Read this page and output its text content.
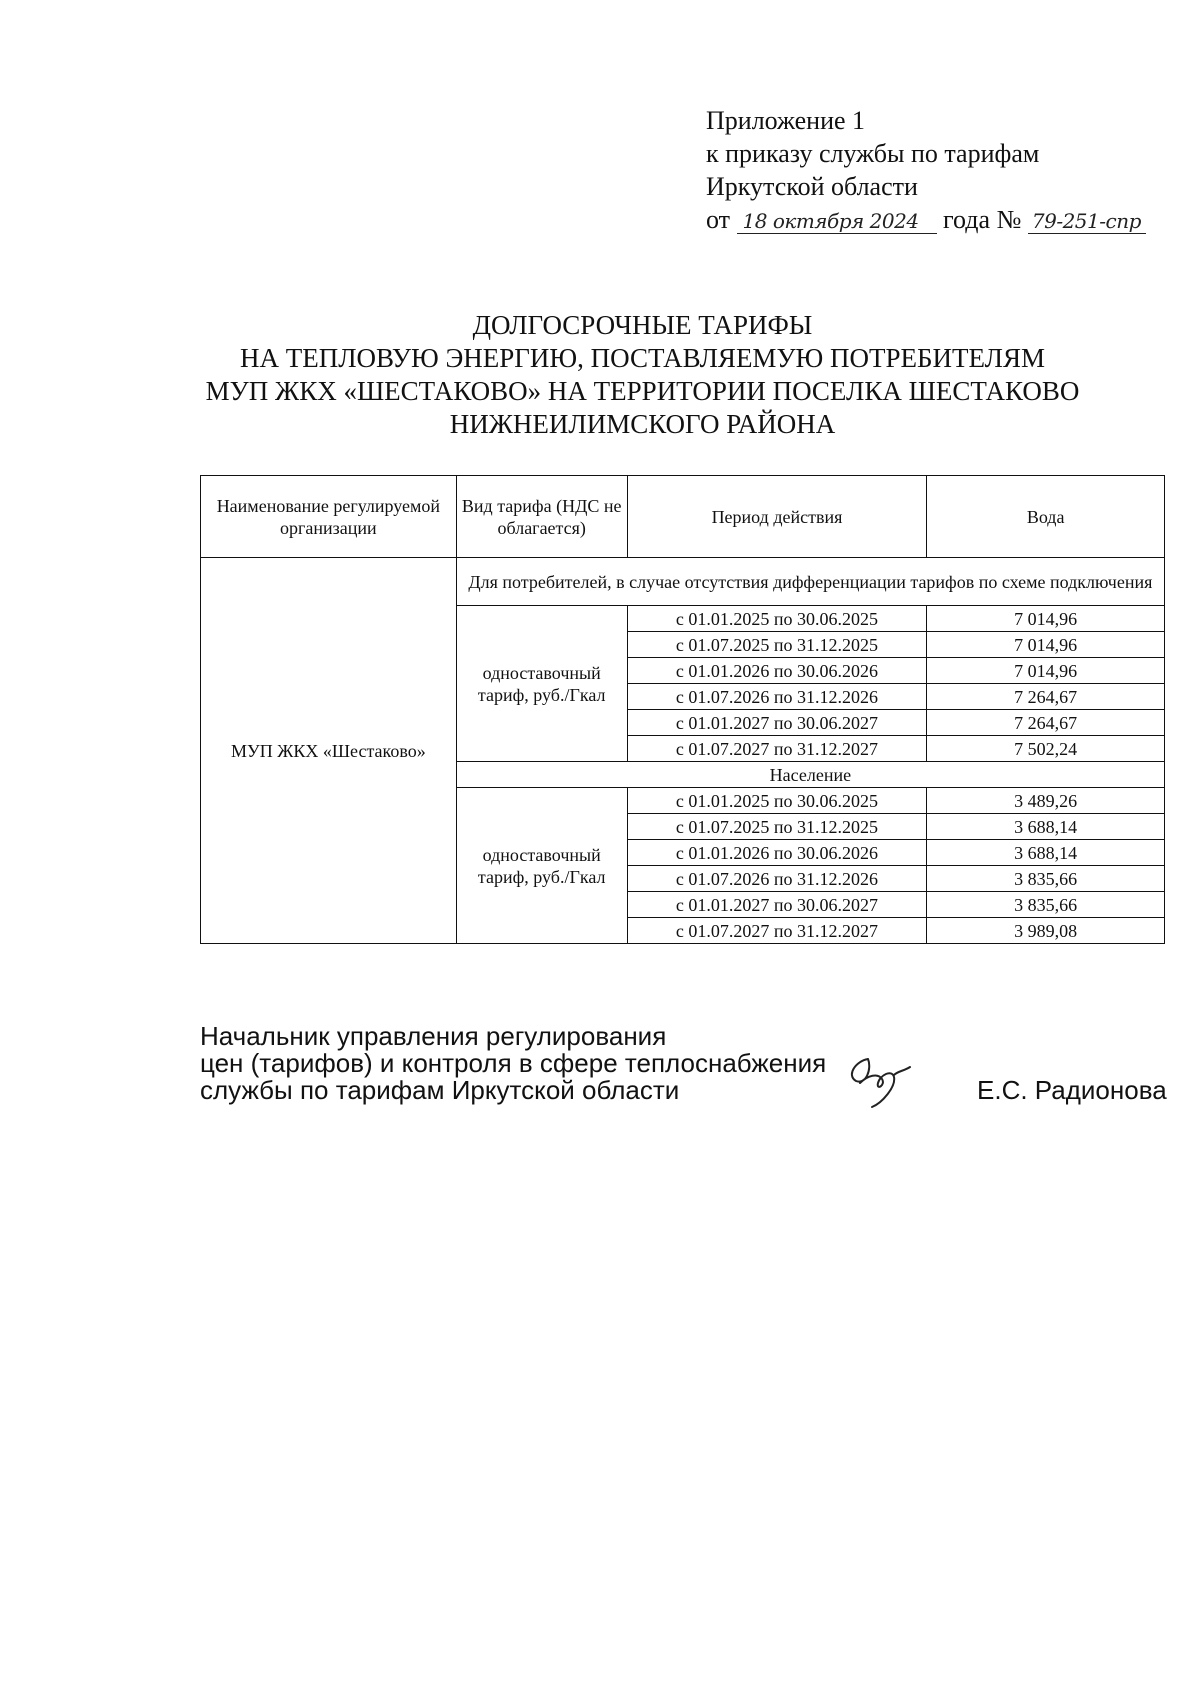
Приложение 1
к приказу службы по тарифам
Иркутской области
от 18 октября 2024 года № 79-251-спр
ДОЛГОСРОЧНЫЕ ТАРИФЫ
НА ТЕПЛОВУЮ ЭНЕРГИЮ, ПОСТАВЛЯЕМУЮ ПОТРЕБИТЕЛЯМ
МУП ЖКХ «ШЕСТАКОВО» НА ТЕРРИТОРИИ ПОСЕЛКА ШЕСТАКОВО
НИЖНЕИЛИМСКОГО РАЙОНА
Наименование регулируемой организации	Вид тарифа (НДС не облагается)	Период действия	Вода
МУП ЖКХ «Шестаково»	Для потребителей, в случае отсутствия дифференциации тарифов по схеме подключения		
	одноставочный тариф, руб./Гкал	с 01.01.2025 по 30.06.2025	7 014,96
		с 01.07.2025 по 31.12.2025	7 014,96
		с 01.01.2026 по 30.06.2026	7 014,96
		с 01.07.2026 по 31.12.2026	7 264,67
		с 01.01.2027 по 30.06.2027	7 264,67
		с 01.07.2027 по 31.12.2027	7 502,24
	Население		
	одноставочный тариф, руб./Гкал	с 01.01.2025 по 30.06.2025	3 489,26
		с 01.07.2025 по 31.12.2025	3 688,14
		с 01.01.2026 по 30.06.2026	3 688,14
		с 01.07.2026 по 31.12.2026	3 835,66
		с 01.01.2027 по 30.06.2027	3 835,66
		с 01.07.2027 по 31.12.2027	3 989,08
Начальник управления регулирования
цен (тарифов) и контроля в сфере теплоснабжения
службы по тарифам Иркутской области	Е.С. Радионова
